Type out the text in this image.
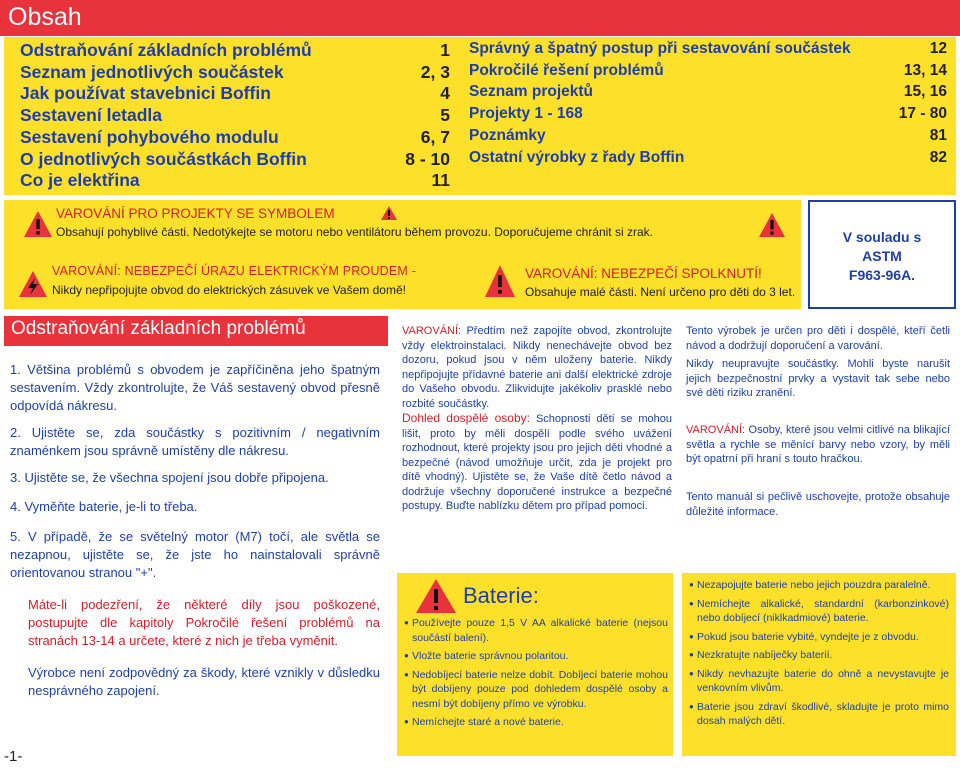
Obsah
Odstraňování základních problémů	1
Seznam jednotlivých součástek	2, 3
Jak používat stavebnici Boffin	4
Sestavení letadla	5
Sestavení pohybového modulu	6, 7
O jednotlivých součástkách Boffin	8 - 10
Co je elektřina	11
Správný a špatný postup při sestavování součástek	12
Pokročilé řešení problémů	13, 14
Seznam projektů	15, 16
Projekty 1 - 168	17 - 80
Poznámky	81
Ostatní výrobky z řady Boffin	82
VAROVÁNÍ PRO PROJEKTY SE SYMBOLEM
Obsahují pohyblivé části. Nedotýkejte se motoru nebo ventilátoru během provozu. Doporučujeme chránit si zrak.
VAROVÁNÍ: NEBEZPEČÍ ÚRAZU ELEKTRICKÝM PROUDEM -
Nikdy nepřipojujte obvod do elektrických zásuvek ve Vašem domě!
VAROVÁNÍ: NEBEZPEČÍ SPOLKNUTÍ!
Obsahuje malé části. Není určeno pro děti do 3 let.
V souladu s
ASTM
F963-96A.
Odstraňování základních problémů
1. Většina problémů s obvodem je zapříčiněna jeho špatným sestavením. Vždy zkontrolujte, že Váš sestavený obvod přesně odpovídá nákresu.
2. Ujistěte se, zda součástky s pozitivním / negativním znaménkem jsou správně umístěny dle nákresu.
3. Ujistěte se, že všechna spojení jsou dobře připojena.
4. Vyměňte baterie, je-li to třeba.
5. V případě, že se světelný motor (M7) točí, ale světla se nezapnou, ujistěte se, že jste ho nainstalovali správně orientovanou stranou "+".
Máte-li podezření, že některé díly jsou poškozené, postupujte dle kapitoly Pokročilé řešení problémů na stranách 13-14 a určete, které z nich je třeba vyměnit.
Výrobce není zodpovědný za škody, které vznikly v důsledku nesprávného zapojení.
VAROVÁNÍ: Předtím než zapojíte obvod, zkontrolujte vždy elektroinstalaci. Nikdy nenechávejte obvod bez dozoru, pokud jsou v něm uloženy baterie. Nikdy nepřipojujte přídavné baterie ani další elektrické zdroje do Vašeho obvodu. Zlikvidujte jakékoliv prasklé nebo rozbité součástky.
Dohled dospělé osoby: Schopnosti dětí se mohou lišit, proto by měli dospělí podle svého uvážení rozhodnout, které projekty jsou pro jejich děti vhodné a bezpečné (návod umožňuje určit, zda je projekt pro dítě vhodný). Ujistěte se, že Vaše dítě četlo návod a dodržuje všechny doporučené instrukce a bezpečné postupy. Buďte nablízku dětem pro případ pomoci.
Tento výrobek je určen pro děti i dospělé, kteří četli návod a dodržují doporučení a varování.
Nikdy neupravujte součástky. Mohli byste narušit jejich bezpečnostní prvky a vystavit tak sebe nebo své děti riziku zranění.
VAROVÁNÍ: Osoby, které jsou velmi citlivé na blikající světla a rychle se měnící barvy nebo vzory, by měli být opatrní při hraní s touto hračkou.
Tento manuál si pečlivě uschovejte, protože obsahuje důležité informace.
Baterie:
● Používejte pouze 1,5 V AA alkalické baterie (nejsou součástí balení).
● Vložte baterie správnou polaritou.
● Nedobíjecí baterie nelze dobít. Dobíjecí baterie mohou být dobíjeny pouze pod dohledem dospělé osoby a nesmí být dobíjeny přímo ve výrobku.
● Nemíchejte staré a nové baterie.
● Nezapojujte baterie nebo jejich pouzdra paralelně.
● Nemíchejte alkalické, standardní (karbonzinkové) nebo dobíjecí (niklkadmiové) baterie.
● Pokud jsou baterie vybité, vyndejte je z obvodu.
● Nezkratujte nabíječky baterií.
● Nikdy nevhazujte baterie do ohně a nevystavujte je venkovním vlivům.
● Baterie jsou zdraví škodlivé, skladujte je proto mimo dosah malých dětí.
-1-
